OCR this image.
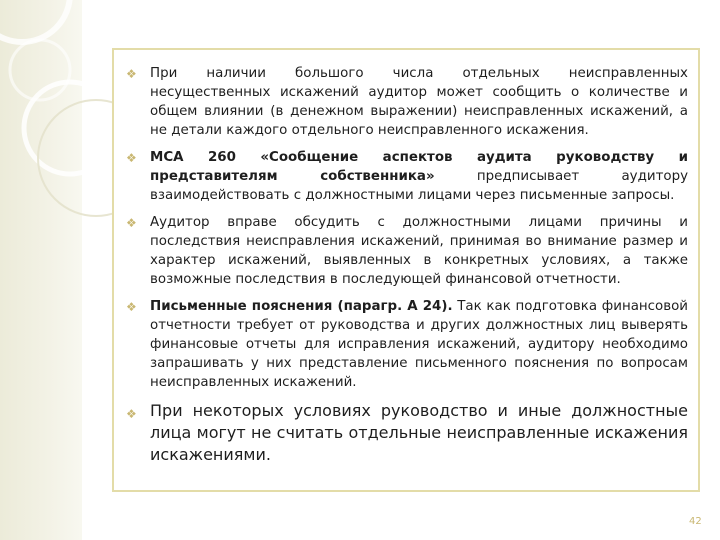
❖ При наличии большого числа отдельных неисправленных несущественных искажений аудитор может сообщить о количестве и общем влиянии (в денежном выражении) неисправленных искажений, а не детали каждого отдельного неисправленного искажения.
❖ МСА 260 «Сообщение аспектов аудита руководству и представителям собственника» предписывает аудитору взаимодействовать с должностными лицами через письменные запросы.
❖ Аудитор вправе обсудить с должностными лицами причины и последствия неисправления искажений, принимая во внимание размер и характер искажений, выявленных в конкретных условиях, а также возможные последствия в последующей финансовой отчетности.
❖ Письменные пояснения (парагр. А 24). Так как подготовка финансовой отчетности требует от руководства и других должностных лиц выверять финансовые отчеты для исправления искажений, аудитору необходимо запрашивать у них представление письменного пояснения по вопросам неисправленных искажений.
❖ При некоторых условиях руководство и иные должностные лица могут не считать отдельные неисправленные искажения искажениями.
42
